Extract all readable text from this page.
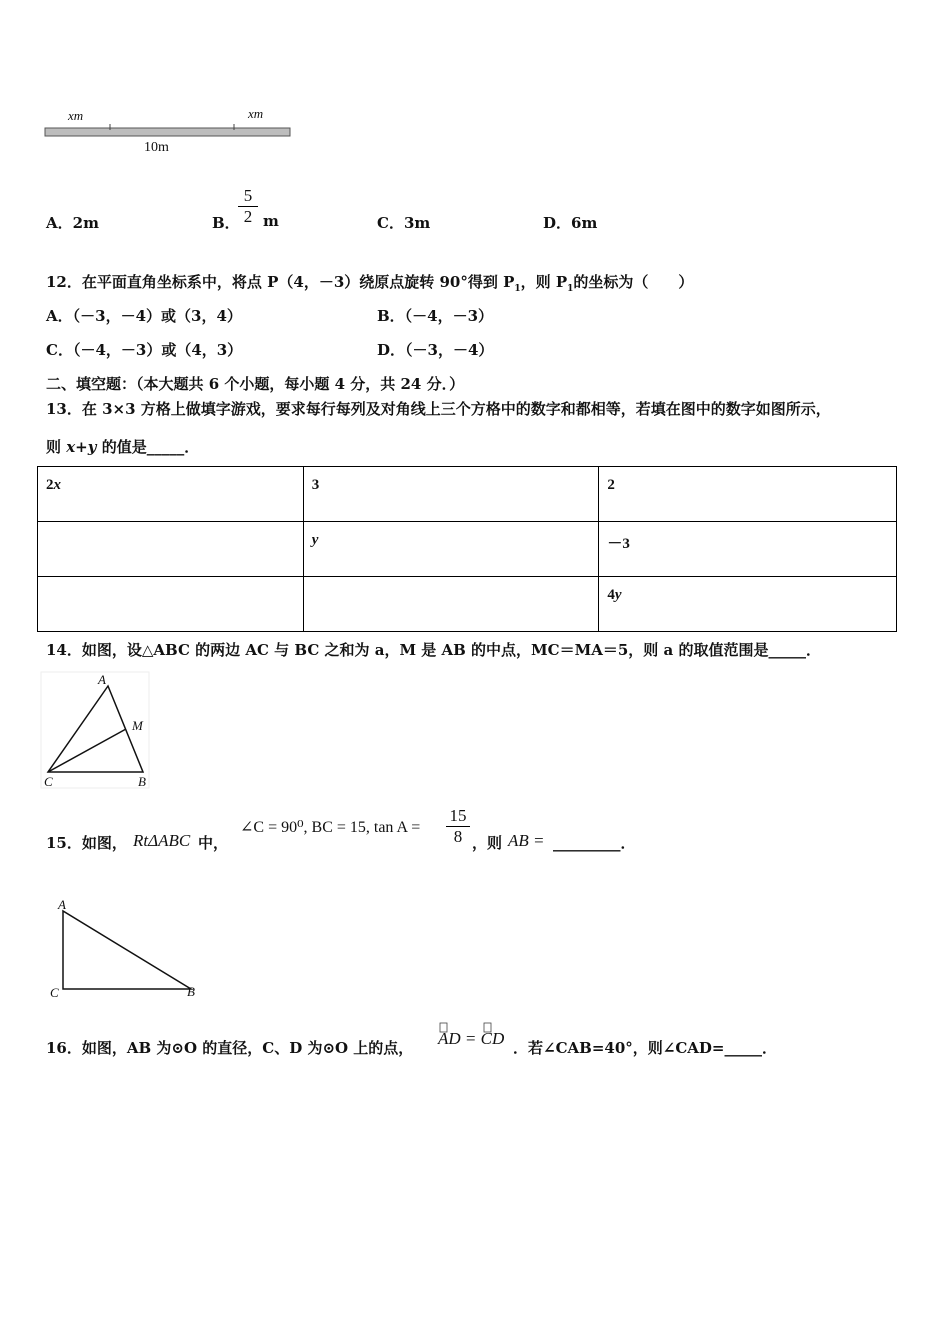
xm	xm
10m
A．2m	B．
$\frac{5}{2}$ m	C．3m	D．6m
12．在平面直角坐标系中，将点 P（4，－3）绕原点旋转 90°得到 $P_1$，则 $P_1$的坐标为（　　）
A．（－3，－4）或（3，4）	B．（－4，－3）
C．（－4，－3）或（4，3）	D．（－3，－4）
二、填空题：（本大题共 6 个小题，每小题 4 分，共 24 分．）
13．在 3×3 方格上做填字游戏，要求每行每列及对角线上三个方格中的数字和都相等，若填在图中的数字如图所示，
则 x+y 的值是_____．
2x	3	2
	y	－3
		4y
14．如图，设△ABC 的两边 AC 与 BC 之和为 a，M 是 AB 的中点，MC＝MA＝5，则 a 的取值范围是_____．
A
M
C	B
15．如图， RtΔABC 中，
∠C = 90⁰, BC = 15, $\tan A = \frac{15}{8}$ ，则 AB = _________．
A
C	B
16．如图，AB 为⊙O 的直径，C、D 为⊙O 上的点， AD = CD ．若∠CAB=40°，则∠CAD=_____．
